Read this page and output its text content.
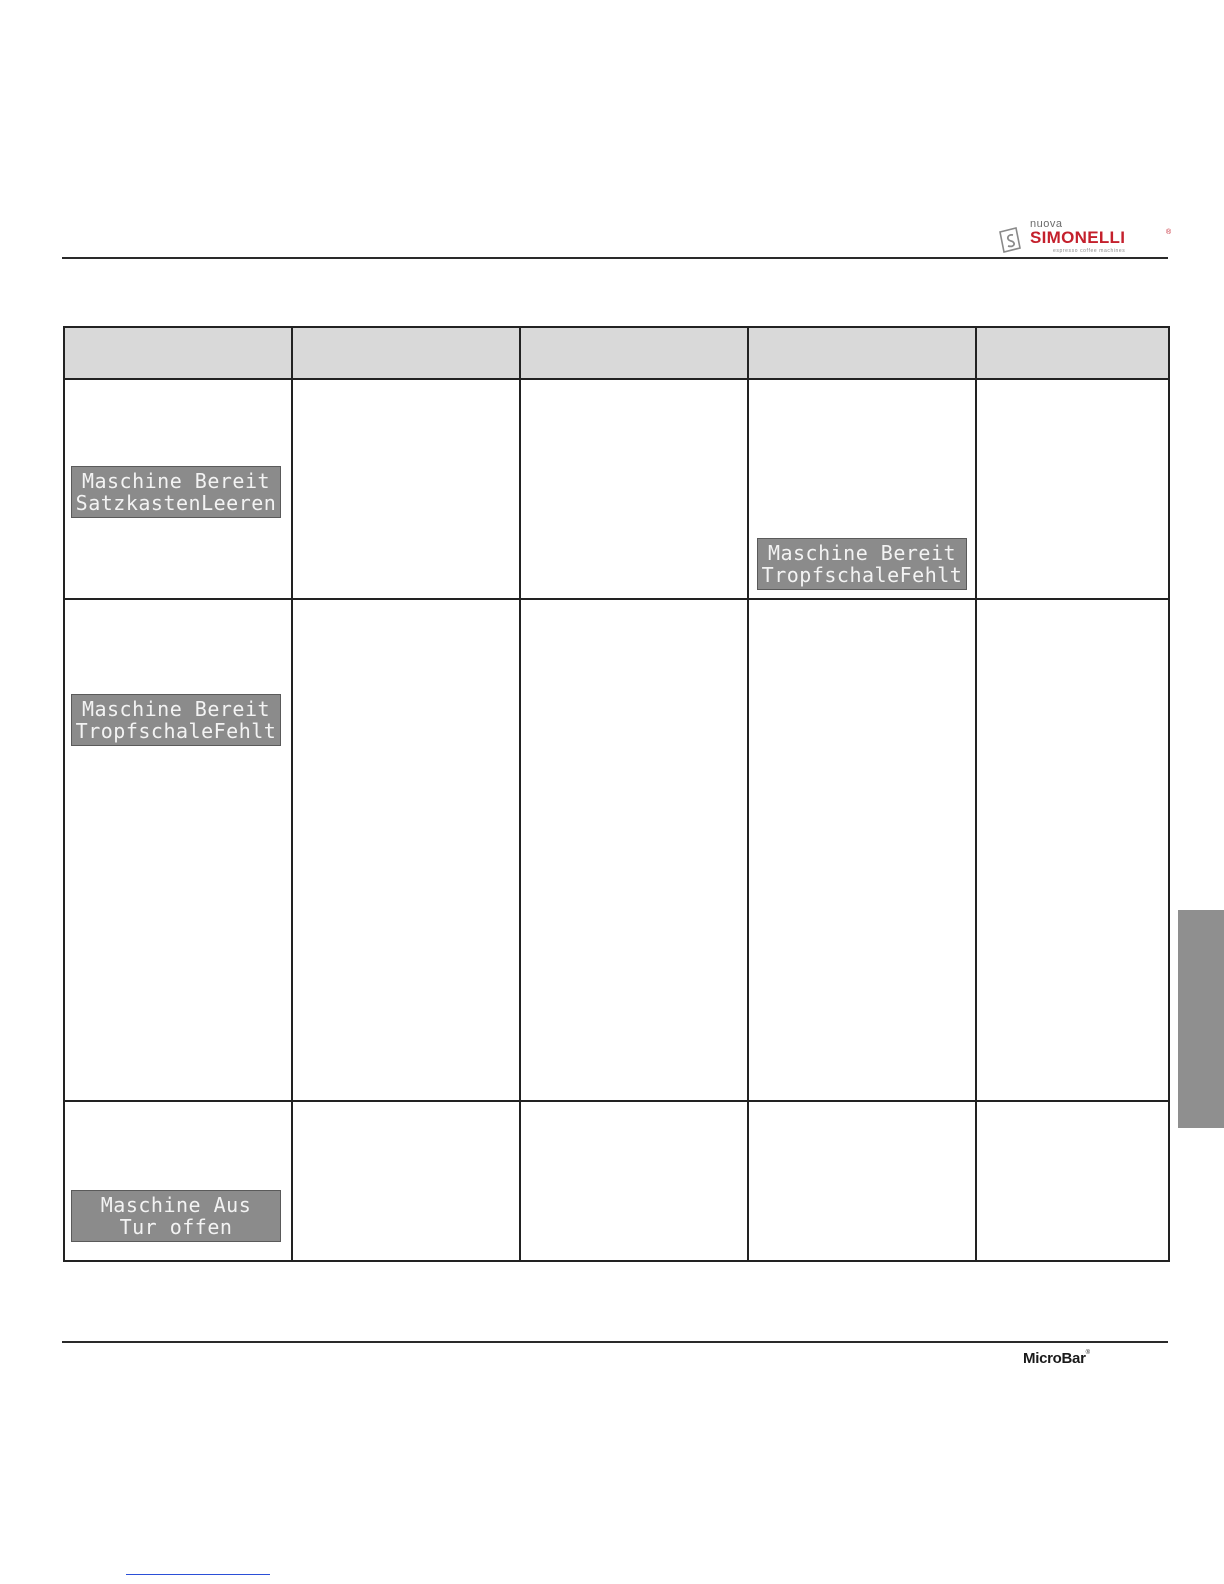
nuova
SIMONELLI	®
espresso coffee machines

Maschine Bereit
SatzkastenLeeren			Maschine Bereit
TropfschaleFehlt	

Maschine Bereit
TropfschaleFehlt				

Maschine Aus
Tur offen				

MicroBar®
